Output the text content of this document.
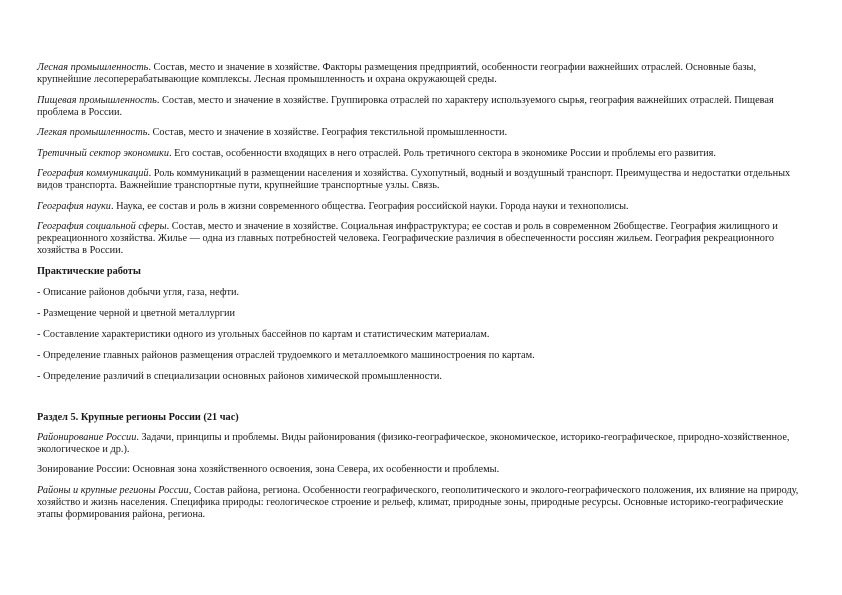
Лесная промышленность. Состав, место и значение в хозяйстве. Факторы размещения предприятий, особенности географии важнейших отраслей. Основные базы, крупнейшие лесоперерабатывающие комплексы. Лесная промышленность и охрана окружающей среды.

Пищевая промышленность. Состав, место и значение в хозяйстве. Группировка отраслей по характеру используемого сырья, география важнейших отраслей. Пищевая проблема в России.

Легкая промышленность. Состав, место и значение в хозяйстве. География текстильной промышленности.

Третичный сектор экономики. Его состав, особенности входящих в него отраслей. Роль третичного сектора в экономике России и проблемы его развития.

География коммуникаций. Роль коммуникаций в размещении населения и хозяйства. Сухопутный, водный и воздушный транспорт. Преимущества и недостатки отдельных видов транспорта. Важнейшие транспортные пути, крупнейшие транспортные узлы. Связь.

География науки. Наука, ее состав и роль в жизни современного общества. География российской науки. Города науки и технополисы.

География социальной сферы. Состав, место и значение в хозяйстве. Социальная инфраструктура; ее состав и роль в современном 26обществе. География жилищного и рекреационного хозяйства. Жилье — одна из главных потребностей человека. Географические различия в обеспеченности россиян жильем. География рекреационного хозяйства в России.

Практические работы

- Описание районов добычи угля, газа, нефти.

- Размещение черной и цветной металлургии

- Составление характеристики одного из угольных бассейнов по картам и статистическим материалам.

- Определение главных районов размещения отраслей трудоемкого и металлоемкого машиностроения по картам.

- Определение различий в специализации основных районов химической промышленности.

Раздел 5. Крупные регионы России (21 час)

Районирование России. Задачи, принципы и проблемы. Виды районирования (физико-географическое, экономическое, историко-географическое, природно-хозяйственное, экологическое и др.).

Зонирование России: Основная зона хозяйственного освоения, зона Севера, их особенности и проблемы.

Районы и крупные регионы России, Состав района, региона. Особенности географического, геополитического и эколого-географического положения, их влияние на природу, хозяйство и жизнь населения. Специфика природы: геологическое строение и рельеф, климат, природные зоны, природные ресурсы. Основные историко-географические этапы формирования района, региона.
